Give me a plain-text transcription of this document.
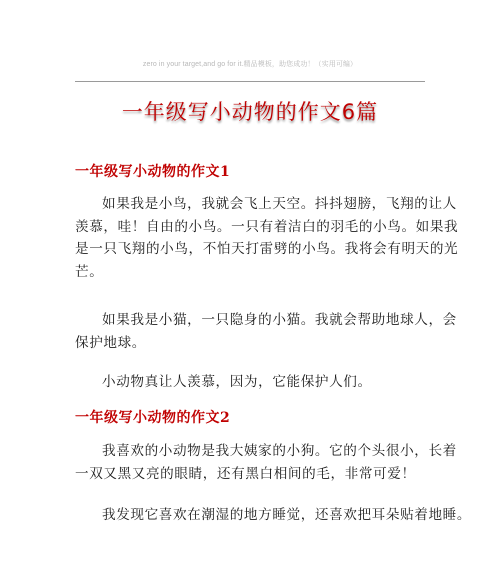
zero in your target,and go for it.精品模板，助您成功！（实用可编）
一年级写小动物的作文6篇
一年级写小动物的作文1
如果我是小鸟，我就会飞上天空。抖抖翅膀，飞翔的让人
羡慕，哇！自由的小鸟。一只有着洁白的羽毛的小鸟。如果我
是一只飞翔的小鸟，不怕天打雷劈的小鸟。我将会有明天的光
芒。
如果我是小猫，一只隐身的小猫。我就会帮助地球人，会
保护地球。
小动物真让人羡慕，因为，它能保护人们。
一年级写小动物的作文2
我喜欢的小动物是我大姨家的小狗。它的个头很小，长着
一双又黑又亮的眼睛，还有黑白相间的毛，非常可爱！
我发现它喜欢在潮湿的地方睡觉，还喜欢把耳朵贴着地睡。
